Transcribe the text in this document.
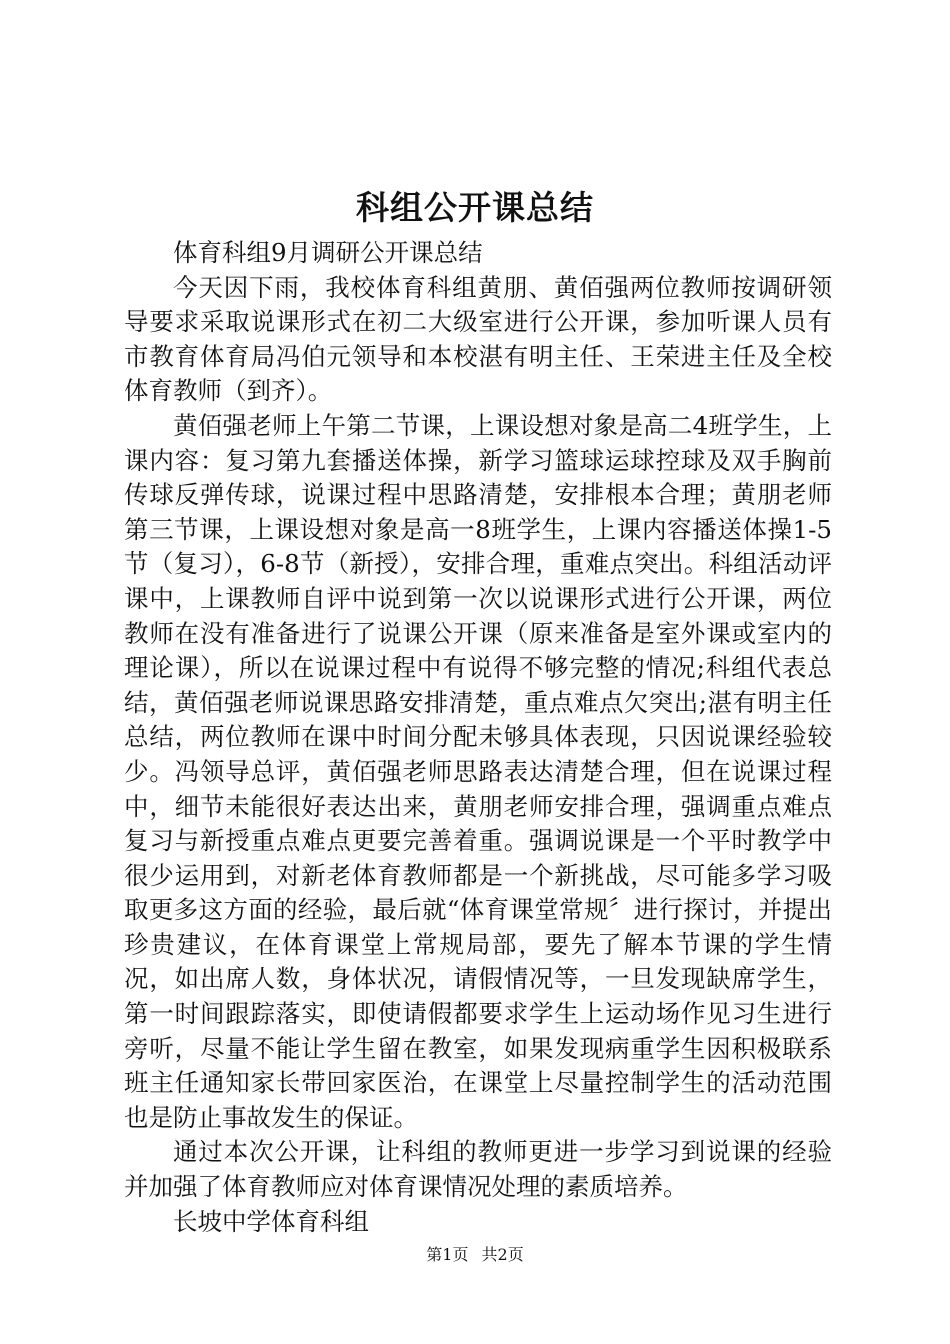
科组公开课总结

体育科组9月调研公开课总结

今天因下雨，我校体育科组黄朋、黄佰强两位教师按调研领导要求采取说课形式在初二大级室进行公开课，参加听课人员有市教育体育局冯伯元领导和本校湛有明主任、王荣进主任及全校体育教师（到齐）。

黄佰强老师上午第二节课，上课设想对象是高二4班学生，上课内容：复习第九套播送体操，新学习篮球运球控球及双手胸前传球反弹传球，说课过程中思路清楚，安排根本合理；黄朋老师第三节课，上课设想对象是高一8班学生，上课内容播送体操1-5节（复习），6-8节（新授），安排合理，重难点突出。科组活动评课中，上课教师自评中说到第一次以说课形式进行公开课，两位教师在没有准备进行了说课公开课（原来准备是室外课或室内的理论课），所以在说课过程中有说得不够完整的情况;科组代表总结，黄佰强老师说课思路安排清楚，重点难点欠突出;湛有明主任总结，两位教师在课中时间分配未够具体表现，只因说课经验较少。冯领导总评，黄佰强老师思路表达清楚合理，但在说课过程中，细节未能很好表达出来，黄朋老师安排合理，强调重点难点复习与新授重点难点更要完善着重。强调说课是一个平时教学中很少运用到，对新老体育教师都是一个新挑战，尽可能多学习吸取更多这方面的经验，最后就“体育课堂常规〞进行探讨，并提出珍贵建议，在体育课堂上常规局部，要先了解本节课的学生情况，如出席人数，身体状况，请假情况等，一旦发现缺席学生，第一时间跟踪落实，即使请假都要求学生上运动场作见习生进行旁听，尽量不能让学生留在教室，如果发现病重学生因积极联系班主任通知家长带回家医治，在课堂上尽量控制学生的活动范围也是防止事故发生的保证。

通过本次公开课，让科组的教师更进一步学习到说课的经验并加强了体育教师应对体育课情况处理的素质培养。

长坡中学体育科组

第1页 共2页
